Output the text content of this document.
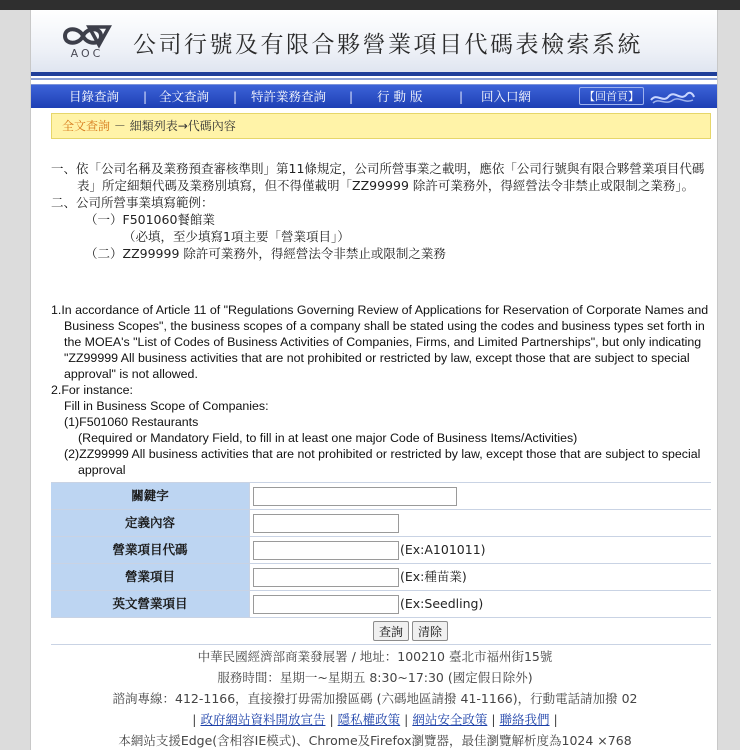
AOC	公司行號及有限合夥營業項目代碼表檢索系統
目錄查詢 | 全文查詢 | 特許業務查詢 | 行 動 版	| 回入口網	【回首頁】
全文查詢 － 細類列表→代碼內容
一、依「公司名稱及業務預查審核準則」第11條規定，公司所營事業之載明，應依「公司行號與有限合夥營業項目代碼表」所定細類代碼及業務別填寫，但不得僅載明「ZZ99999 除許可業務外，得經營法令非禁止或限制之業務」。
二、公司所營事業填寫範例：
（一）F501060餐館業
（必填，至少填寫1項主要「營業項目」）
（二）ZZ99999 除許可業務外，得經營法令非禁止或限制之業務
1.In accordance of Article 11 of "Regulations Governing Review of Applications for Reservation of Corporate Names and Business Scopes", the business scopes of a company shall be stated using the codes and business types set forth in the MOEA's "List of Codes of Business Activities of Companies, Firms, and Limited Partnerships", but only indicating "ZZ99999 All business activities that are not prohibited or restricted by law, except those that are subject to special approval" is not allowed.
2.For instance:
Fill in Business Scope of Companies:
(1)F501060 Restaurants
(Required or Mandatory Field, to fill in at least one major Code of Business Items/Activities)
(2)ZZ99999 All business activities that are not prohibited or restricted by law, except those that are subject to special approval
關鍵字
定義內容
營業項目代碼	(Ex:A101011)
營業項目	(Ex:種苗業)
英文營業項目	(Ex:Seedling)
查詢	清除
中華民國經濟部商業發展署 / 地址：100210 臺北市福州街15號
服務時間：星期一~星期五 8:30~17:30 (國定假日除外)
諮詢專線：412-1166，直接撥打毋需加撥區碼 (六碼地區請撥 41-1166)，行動電話請加撥 02
| 政府網站資料開放宣告 | 隱私權政策 | 網站安全政策 | 聯絡我們 |
本網站支援Edge(含相容IE模式)、Chrome及Firefox瀏覽器，最佳瀏覽解析度為1024 ×768
